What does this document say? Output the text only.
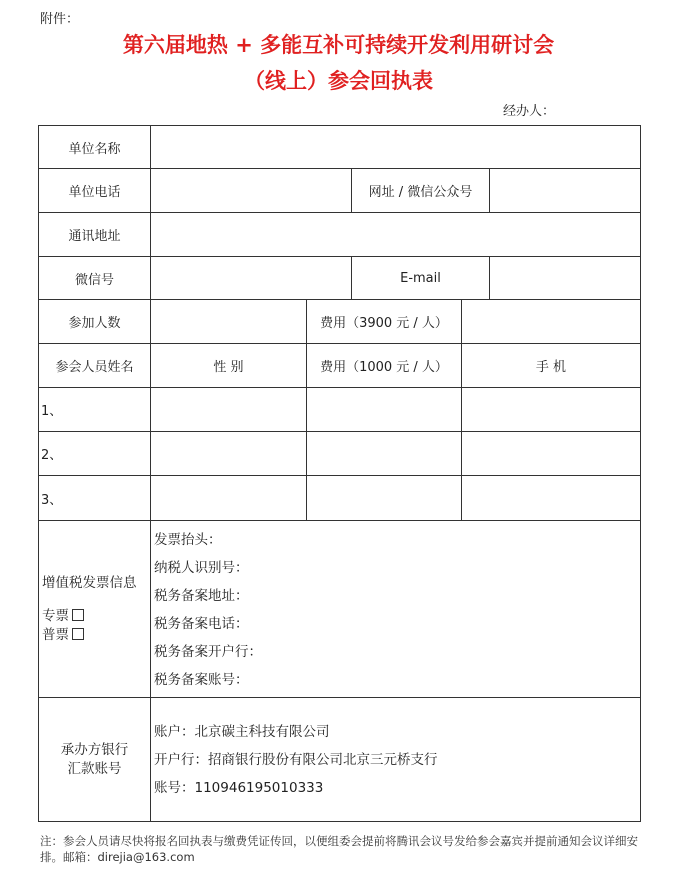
附件：
第六届地热 + 多能互补可持续开发利用研讨会
（线上）参会回执表
经办人：
单位名称
单位电话	网址 / 微信公众号
通讯地址
微信号	E-mail
参加人数	费用（3900 元 / 人）
参会人员姓名	性 别	费用（1000 元 / 人）	手 机
1、
2、
3、
增值税发票信息
专票
普票
发票抬头：
纳税人识别号：
税务备案地址：
税务备案电话：
税务备案开户行：
税务备案账号：
承办方银行
汇款账号
账户：北京碳主科技有限公司
开户行：招商银行股份有限公司北京三元桥支行
账号：110946195010333
注：参会人员请尽快将报名回执表与缴费凭证传回，以便组委会提前将腾讯会议号发给参会嘉宾并提前通知会议详细安排。邮箱：direjia@163.com
